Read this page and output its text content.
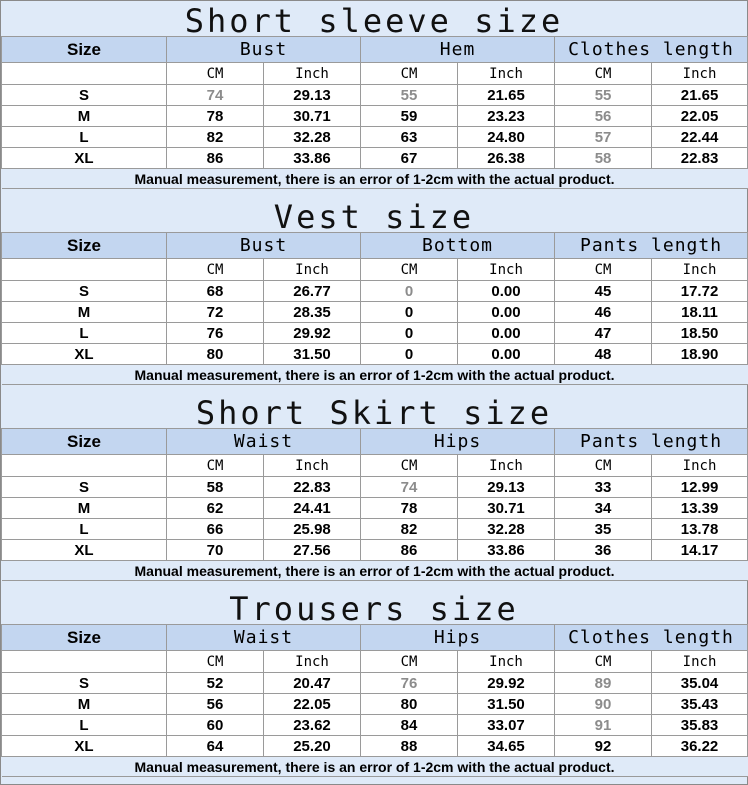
Short sleeve size
Size	Bust		Hem		Clothes length	
	CM	Inch	CM	Inch	CM	Inch
S	74	29.13	55	21.65	55	21.65
M	78	30.71	59	23.23	56	22.05
L	82	32.28	63	24.80	57	22.44
XL	86	33.86	67	26.38	58	22.83
Manual measurement, there is an error of 1-2cm with the actual product.						
Vest size
Size	Bust		Bottom		Pants length	
	CM	Inch	CM	Inch	CM	Inch
S	68	26.77	0	0.00	45	17.72
M	72	28.35	0	0.00	46	18.11
L	76	29.92	0	0.00	47	18.50
XL	80	31.50	0	0.00	48	18.90
Manual measurement, there is an error of 1-2cm with the actual product.						
Short Skirt size
Size	Waist		Hips		Pants length	
	CM	Inch	CM	Inch	CM	Inch
S	58	22.83	74	29.13	33	12.99
M	62	24.41	78	30.71	34	13.39
L	66	25.98	82	32.28	35	13.78
XL	70	27.56	86	33.86	36	14.17
Manual measurement, there is an error of 1-2cm with the actual product.						
Trousers size
Size	Waist		Hips		Clothes length	
	CM	Inch	CM	Inch	CM	Inch
S	52	20.47	76	29.92	89	35.04
M	56	22.05	80	31.50	90	35.43
L	60	23.62	84	33.07	91	35.83
XL	64	25.20	88	34.65	92	36.22
Manual measurement, there is an error of 1-2cm with the actual product.						
